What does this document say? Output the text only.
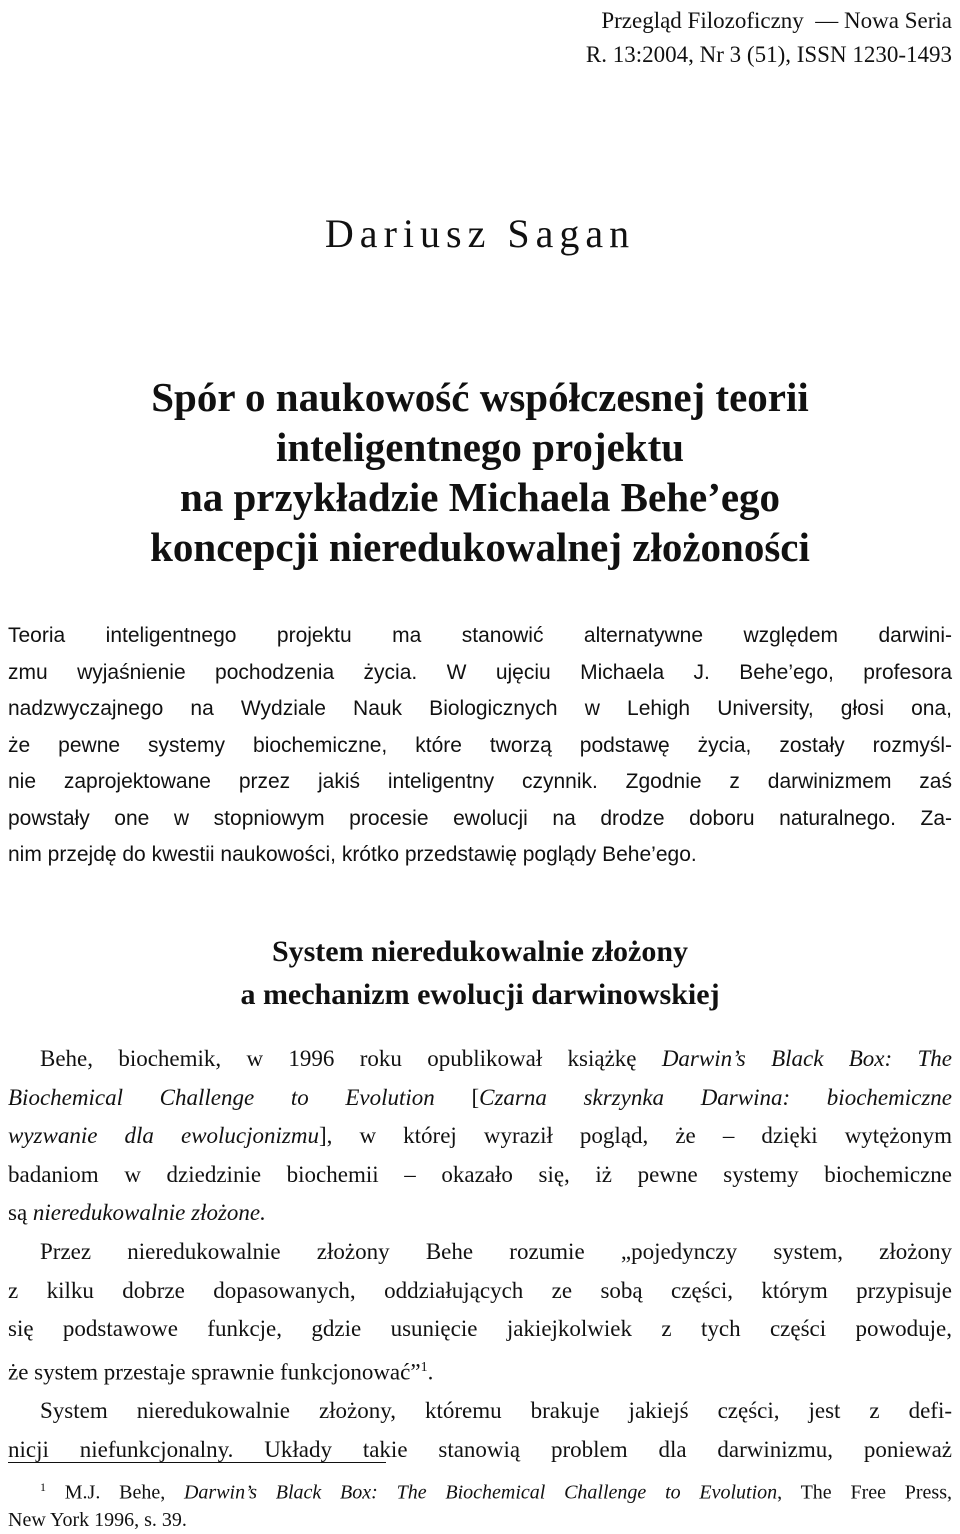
Przegląd Filozoficzny  — Nowa Seria
R. 13:2004, Nr 3 (51), ISSN 1230-1493
Dariusz Sagan
Spór o naukowość współczesnej teorii
inteligentnego projektu
na przykładzie Michaela Behe’ego
koncepcji nieredukowalnej złożoności
Teoria inteligentnego projektu ma stanowić alternatywne względem darwini-
zmu wyjaśnienie pochodzenia życia. W ujęciu Michaela J. Behe’ego, profesora
nadzwyczajnego na Wydziale Nauk Biologicznych w Lehigh University, głosi ona,
że pewne systemy biochemiczne, które tworzą podstawę życia, zostały rozmyśl-
nie zaprojektowane przez jakiś inteligentny czynnik. Zgodnie z darwinizmem zaś
powstały one w stopniowym procesie ewolucji na drodze doboru naturalnego. Za-
nim przejdę do kwestii naukowości, krótko przedstawię poglądy Behe’ego.
System nieredukowalnie złożony
a mechanizm ewolucji darwinowskiej
Behe, biochemik, w 1996 roku opublikował książkę Darwin’s Black Box: The
Biochemical Challenge to Evolution [Czarna skrzynka Darwina: biochemiczne
wyzwanie dla ewolucjonizmu], w której wyraził pogląd, że – dzięki wytężonym
badaniom w dziedzinie biochemii – okazało się, iż pewne systemy biochemiczne
są nieredukowalnie złożone.
Przez nieredukowalnie złożony Behe rozumie „pojedynczy system, złożony
z kilku dobrze dopasowanych, oddziałujących ze sobą części, którym przypisuje
się podstawowe funkcje, gdzie usunięcie jakiejkolwiek z tych części powoduje,
że system przestaje sprawnie funkcjonować”$^1$.
System nieredukowalnie złożony, któremu brakuje jakiejś części, jest z defi-
nicji niefunkcjonalny. Układy takie stanowią problem dla darwinizmu, ponieważ
$^1$ M.J. Behe, Darwin’s Black Box: The Biochemical Challenge to Evolution, The Free Press,
New York 1996, s. 39.
